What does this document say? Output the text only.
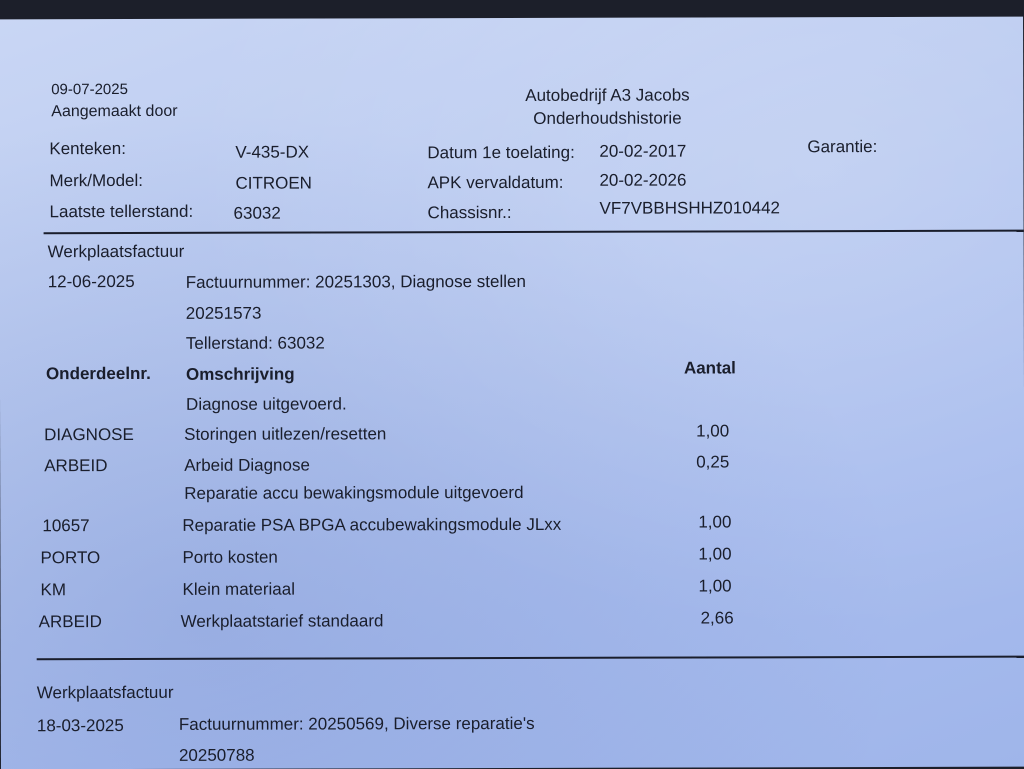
09-07-2025
Aangemaakt door
Autobedrijf A3 Jacobs
Onderhoudshistorie
Kenteken:	V-435-DX
Merk/Model:	CITROEN
Laatste tellerstand: 63032
Datum 1e toelating: 20-02-2017
APK vervaldatum: 20-02-2026
Chassisnr.:	VF7VBBHSHHZ010442
Garantie:
Werkplaatsfactuur
12-06-2025	Factuurnummer: 20251303, Diagnose stellen
20251573
Tellerstand: 63032
Onderdeelnr. Omschrijving	Aantal
Diagnose uitgevoerd.
DIAGNOSE	Storingen uitlezen/resetten	1,00
ARBEID	Arbeid Diagnose	0,25
Reparatie accu bewakingsmodule uitgevoerd
10657	Reparatie PSA BPGA accubewakingsmodule JLxx	1,00
PORTO	Porto kosten	1,00
KM	Klein materiaal	1,00
ARBEID	Werkplaatstarief standaard	2,66
Werkplaatsfactuur
18-03-2025	Factuurnummer: 20250569, Diverse reparatie's
20250788
